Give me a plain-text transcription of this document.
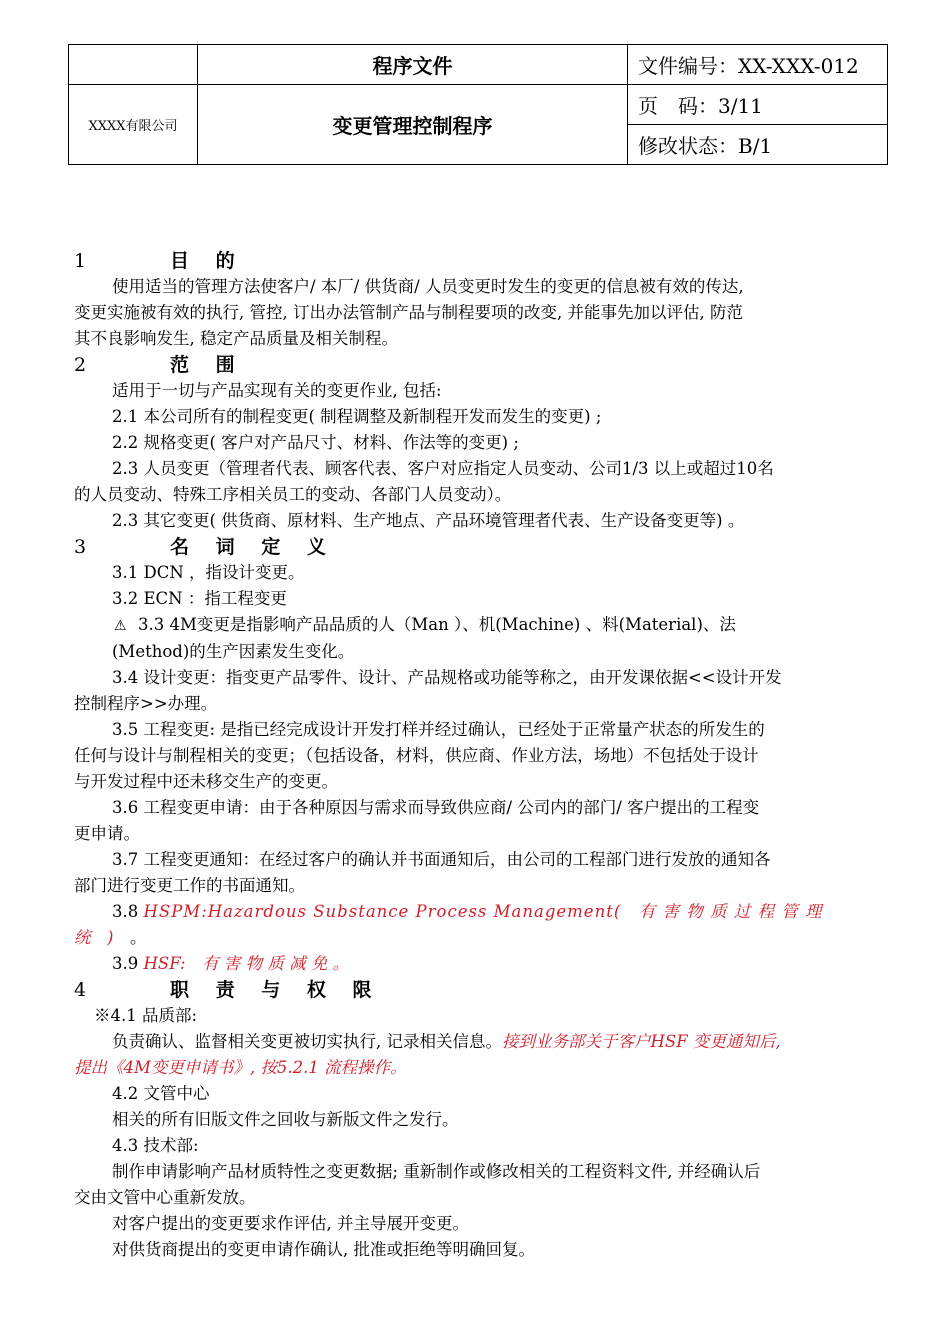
	程序文件	文件编号：XX-XXX-012
XXXX有限公司	变更管理控制程序	页　码：3/11
		修改状态：B/1
1	目 的
使用适当的管理方法使客户/ 本厂/ 供货商/ 人员变更时发生的变更的信息被有效的传达,
变更实施被有效的执行, 管控, 订出办法管制产品与制程要项的改变, 并能事先加以评估, 防范
其不良影响发生, 稳定产品质量及相关制程。
2	范 围
适用于一切与产品实现有关的变更作业, 包括:
2.1 本公司所有的制程变更( 制程调整及新制程开发而发生的变更) ;
2.2 规格变更( 客户对产品尺寸、材料、作法等的变更) ;
2.3 人员变更（管理者代表、顾客代表、客户对应指定人员变动、公司1/3 以上或超过10名
的人员变动、特殊工序相关员工的变动、各部门人员变动）。
2.3 其它变更( 供货商、原材料、生产地点、产品环境管理者代表、生产设备变更等) 。
3	名 词 定 义
3.1 DCN ，指设计变更。
3.2 ECN ：指工程变更
⚠ 3.3 4M变更是指影响产品品质的人（Man ）、机(Machine) 、料(Material)、法
(Method)的生产因素发生变化。
3.4 设计变更：指变更产品零件、设计、产品规格或功能等称之，由开发课依据<<设计开发
控制程序>>办理。
3.5 工程变更: 是指已经完成设计开发打样并经过确认，已经处于正常量产状态的所发生的
任何与设计与制程相关的变更；（包括设备，材料，供应商、作业方法，场地）不包括处于设计
与开发过程中还未移交生产的变更。
3.6 工程变更申请：由于各种原因与需求而导致供应商/ 公司内的部门/ 客户提出的工程变
更申请。
3.7 工程变更通知：在经过客户的确认并书面通知后，由公司的工程部门进行发放的通知各
部门进行变更工作的书面通知。
3.8 HSPM:Hazardous Substance Process Management(　有 害 物 质 过 程 管 理
统　)　。
3.9 HSF:　有 害 物 质 减 免 。
4	职 责 与 权 限
※4.1 品质部:
负责确认、监督相关变更被切实执行, 记录相关信息。接到业务部关于客户HSF 变更通知后,
提出《4M变更申请书》, 按5.2.1 流程操作。
4.2 文管中心
相关的所有旧版文件之回收与新版文件之发行。
4.3 技术部:
制作申请影响产品材质特性之变更数据; 重新制作或修改相关的工程资料文件, 并经确认后
交由文管中心重新发放。
对客户提出的变更要求作评估, 并主导展开变更。
对供货商提出的变更申请作确认, 批准或拒绝等明确回复。
